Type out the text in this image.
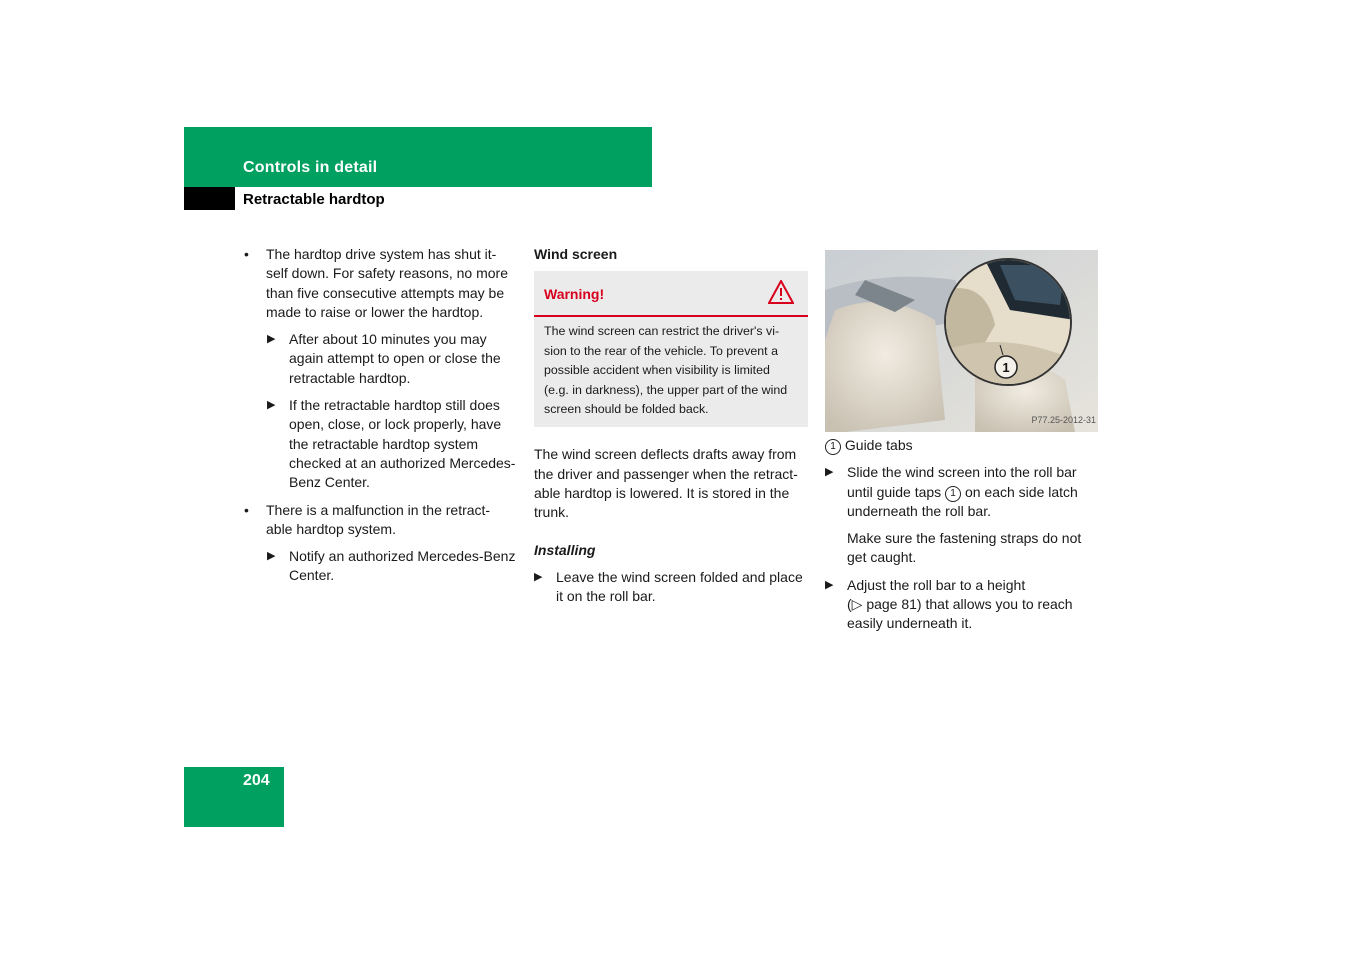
Controls in detail
Retractable hardtop
• The hardtop drive system has shut it-self down. For safety reasons, no more than five consecutive attempts may be made to raise or lower the hardtop.
▶ After about 10 minutes you may again attempt to open or close the retractable hardtop.
▶ If the retractable hardtop still does open, close, or lock properly, have the retractable hardtop system checked at an authorized Mercedes-Benz Center.
• There is a malfunction in the retract-able hardtop system.
▶ Notify an authorized Mercedes-Benz Center.
Wind screen
Warning!
The wind screen can restrict the driver's vi-sion to the rear of the vehicle. To prevent a possible accident when visibility is limited (e.g. in darkness), the upper part of the wind screen should be folded back.
The wind screen deflects drafts away from the driver and passenger when the retract-able hardtop is lowered. It is stored in the trunk.
Installing
▶ Leave the wind screen folded and place it on the roll bar.
1
P77.25-2012-31
1 Guide tabs
▶ Slide the wind screen into the roll bar until guide taps 1 on each side latch underneath the roll bar.
Make sure the fastening straps do not get caught.
▶ Adjust the roll bar to a height
(▷ page 81) that allows you to reach easily underneath it.
204
